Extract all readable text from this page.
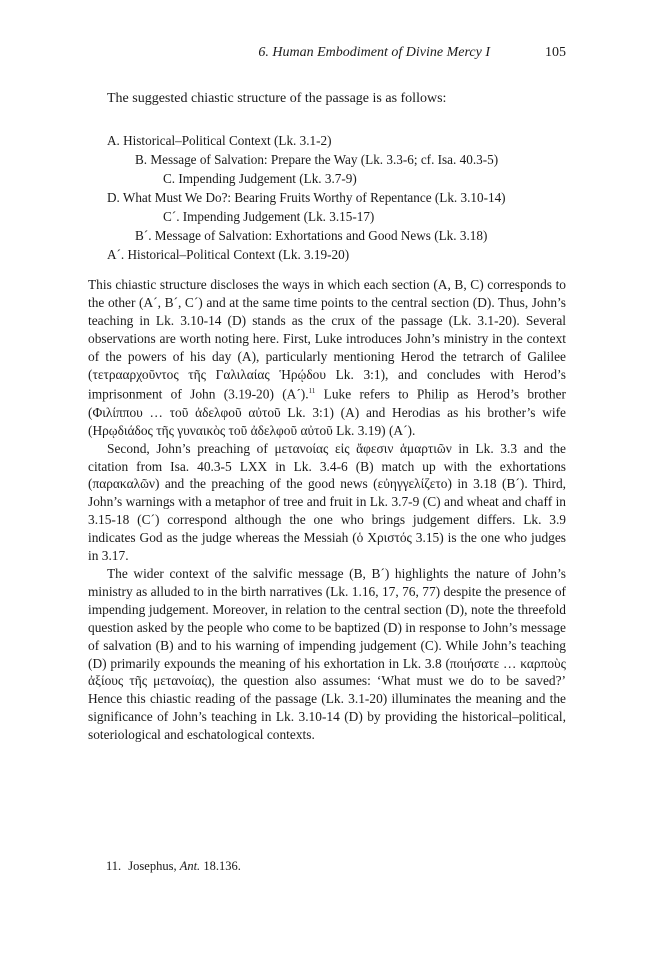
6. Human Embodiment of Divine Mercy I	105
The suggested chiastic structure of the passage is as follows:
A. Historical–Political Context (Lk. 3.1-2)
B. Message of Salvation: Prepare the Way (Lk. 3.3-6; cf. Isa. 40.3-5)
C. Impending Judgement (Lk. 3.7-9)
D. What Must We Do?: Bearing Fruits Worthy of Repentance (Lk. 3.10-14)
C´. Impending Judgement (Lk. 3.15-17)
B´. Message of Salvation: Exhortations and Good News (Lk. 3.18)
A´. Historical–Political Context (Lk. 3.19-20)

This chiastic structure discloses the ways in which each section (A, B, C) corresponds to the other (A´, B´, C´) and at the same time points to the central section (D). Thus, John’s teaching in Lk. 3.10-14 (D) stands as the crux of the passage (Lk. 3.1-20). Several observations are worth noting here. First, Luke introduces John’s ministry in the context of the powers of his day (A), particularly mentioning Herod the tetrarch of Galilee (τετρααρχοῦντος τῆς Γαλιλαίας Ἡρῴδου Lk. 3:1), and concludes with Herod’s imprisonment of John (3.19-20) (A´).$^{11}$ Luke refers to Philip as Herod’s brother (Φιλίππου … τοῦ ἀδελφοῦ αὐτοῦ Lk. 3:1) (A) and Herodias as his brother’s wife (Ηρῳδιάδος τῆς γυναικὸς τοῦ ἀδελφοῦ αὐτοῦ Lk. 3.19) (A´).

Second, John’s preaching of μετανοίας εἰς ἄφεσιν ἁμαρτιῶν in Lk. 3.3 and the citation from Isa. 40.3-5 LXX in Lk. 3.4-6 (B) match up with the exhortations (παρακαλῶν) and the preaching of the good news (εὐηγγελίζετο) in 3.18 (B´). Third, John’s warnings with a metaphor of tree and fruit in Lk. 3.7-9 (C) and wheat and chaff in 3.15-18 (C´) correspond although the one who brings judgement differs. Lk. 3.9 indicates God as the judge whereas the Messiah (ὁ Χριστός 3.15) is the one who judges in 3.17.

The wider context of the salvific message (B, B´) highlights the nature of John’s ministry as alluded to in the birth narratives (Lk. 1.16, 17, 76, 77) despite the presence of impending judgement. Moreover, in relation to the central section (D), note the threefold question asked by the people who come to be baptized (D) in response to John’s message of salvation (B) and to his warning of impending judgement (C). While John’s teaching (D) primarily expounds the meaning of his exhortation in Lk. 3.8 (ποιήσατε … καρποὺς ἀξίους τῆς μετανοίας), the question also assumes: ‘What must we do to be saved?’ Hence this chiastic reading of the passage (Lk. 3.1-20) illuminates the meaning and the significance of John’s teaching in Lk. 3.10-14 (D) by providing the historical–political, soteriological and eschatological contexts.

11. Josephus, Ant. 18.136.
